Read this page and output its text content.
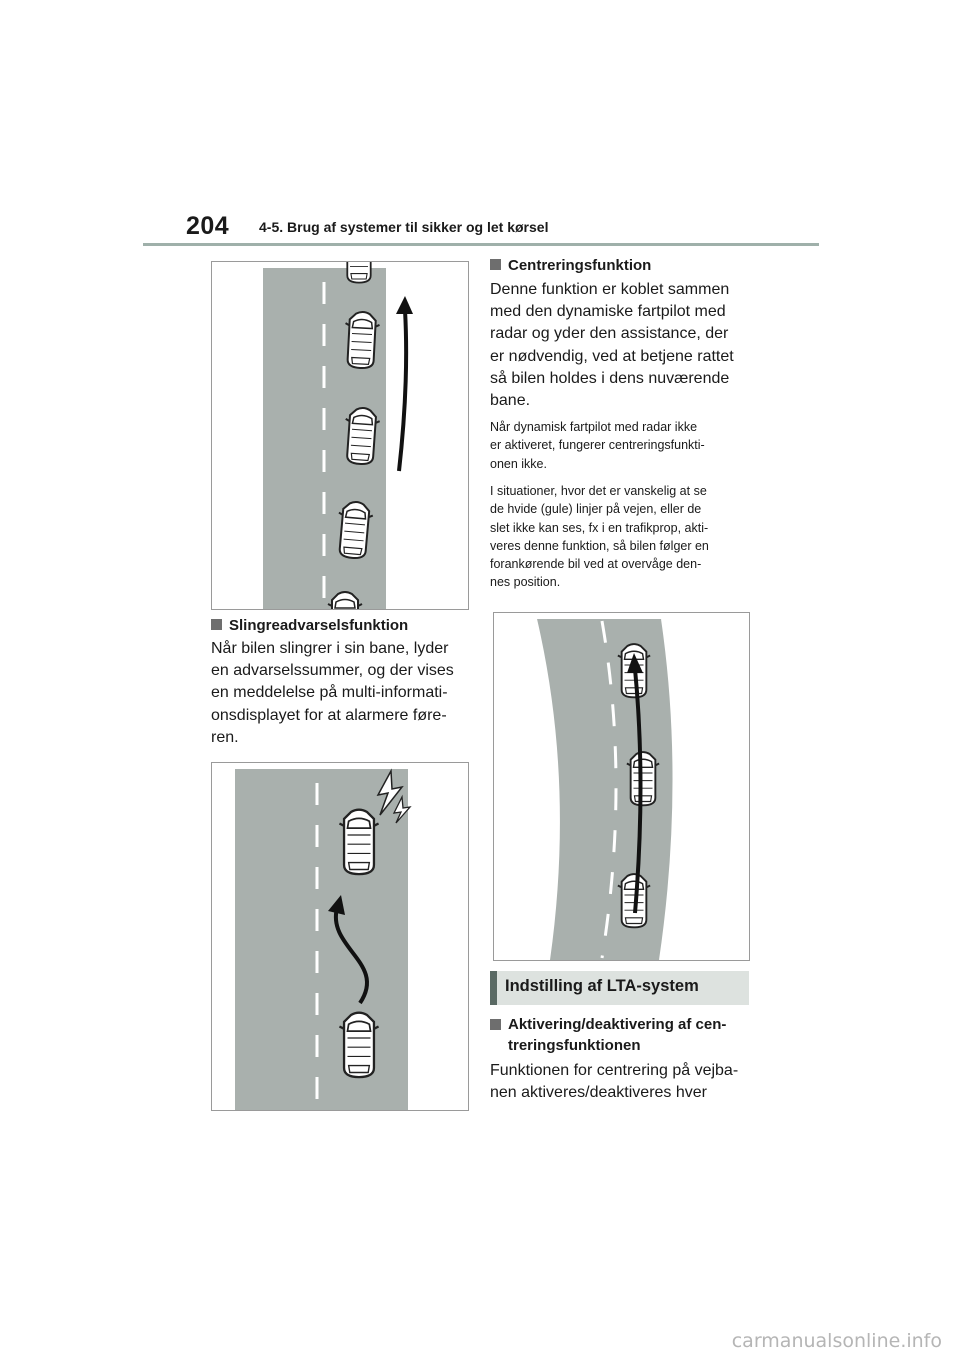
204 4-5. Brug af systemer til sikker og let kørsel
Slingreadvarselsfunktion
Når bilen slingrer i sin bane, lyder
en advarselssummer, og der vises
en meddelelse på multi-informati-
onsdisplayet for at alarmere føre-
ren.
Centreringsfunktion
Denne funktion er koblet sammen
med den dynamiske fartpilot med
radar og yder den assistance, der
er nødvendig, ved at betjene rattet
så bilen holdes i dens nuværende
bane.
Når dynamisk fartpilot med radar ikke
er aktiveret, fungerer centreringsfunkti-
onen ikke.
I situationer, hvor det er vanskelig at se
de hvide (gule) linjer på vejen, eller de
slet ikke kan ses, fx i en trafikprop, akti-
veres denne funktion, så bilen følger en
forankørende bil ved at overvåge den-
nes position.
Indstilling af LTA-system
Aktivering/deaktivering af cen-
treringsfunktionen
Funktionen for centrering på vejba-
nen aktiveres/deaktiveres hver
carmanualsonline.info
